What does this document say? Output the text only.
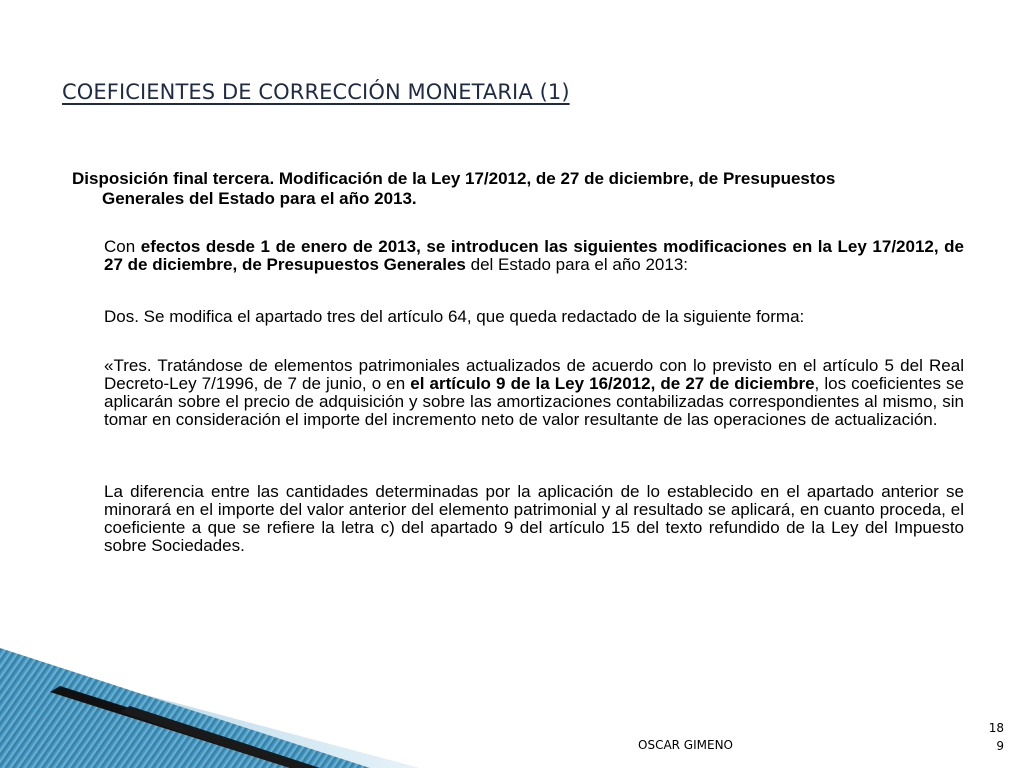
COEFICIENTES DE CORRECCIÓN MONETARIA (1)

Disposición final tercera. Modificación de la Ley 17/2012, de 27 de diciembre, de Presupuestos Generales del Estado para el año 2013.

Con efectos desde 1 de enero de 2013, se introducen las siguientes modificaciones en la Ley 17/2012, de 27 de diciembre, de Presupuestos Generales del Estado para el año 2013:

Dos. Se modifica el apartado tres del artículo 64, que queda redactado de la siguiente forma:

«Tres. Tratándose de elementos patrimoniales actualizados de acuerdo con lo previsto en el artículo 5 del Real Decreto-Ley 7/1996, de 7 de junio, o en el artículo 9 de la Ley 16/2012, de 27 de diciembre, los coeficientes se aplicarán sobre el precio de adquisición y sobre las amortizaciones contabilizadas correspondientes al mismo, sin tomar en consideración el importe del incremento neto de valor resultante de las operaciones de actualización.

La diferencia entre las cantidades determinadas por la aplicación de lo establecido en el apartado anterior se minorará en el importe del valor anterior del elemento patrimonial y al resultado se aplicará, en cuanto proceda, el coeficiente a que se refiere la letra c) del apartado 9 del artículo 15 del texto refundido de la Ley del Impuesto sobre Sociedades.

OSCAR GIMENO
18
9
